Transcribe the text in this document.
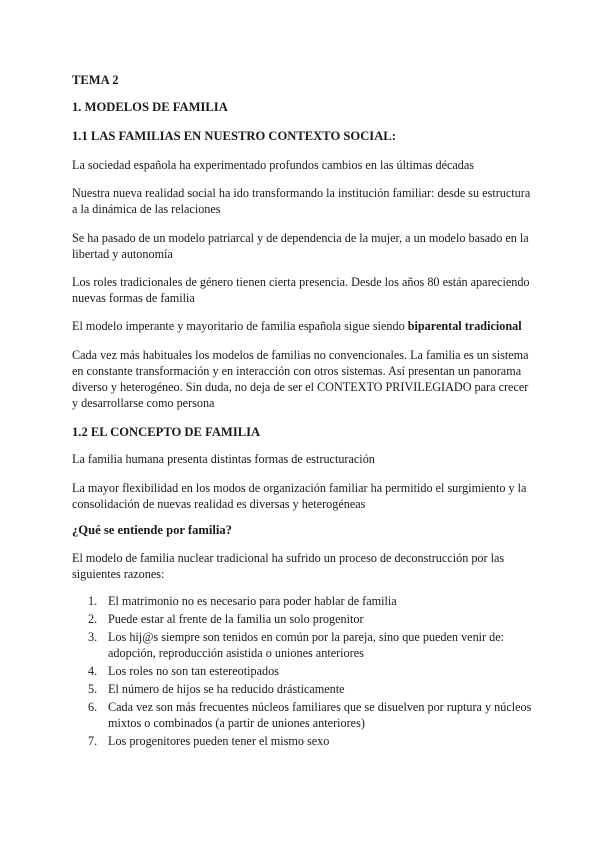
TEMA 2

1. MODELOS DE FAMILIA

1.1 LAS FAMILIAS EN NUESTRO CONTEXTO SOCIAL:

La sociedad española ha experimentado profundos cambios en las últimas décadas

Nuestra nueva realidad social ha ido transformando la institución familiar: desde su estructura a la dinámica de las relaciones

Se ha pasado de un modelo patriarcal y de dependencia de la mujer, a un modelo basado en la libertad y autonomía

Los roles tradicionales de género tienen cierta presencia. Desde los años 80 están apareciendo nuevas formas de familia

El modelo imperante y mayoritario de familia española sigue siendo biparental tradicional

Cada vez más habituales los modelos de familias no convencionales. La familia es un sistema en constante transformación y en interacción con otros sistemas. Así presentan un panorama diverso y heterogéneo. Sin duda, no deja de ser el CONTEXTO PRIVILEGIADO para crecer y desarrollarse como persona

1.2 EL CONCEPTO DE FAMILIA

La familia humana presenta distintas formas de estructuración

La mayor flexibilidad en los modos de organización familiar ha permitido el surgimiento y la consolidación de nuevas realidad es diversas y heterogéneas

¿Qué se entiende por familia?

El modelo de familia nuclear tradicional ha sufrido un proceso de deconstrucción por las siguientes razones:

1. El matrimonio no es necesario para poder hablar de familia
2. Puede estar al frente de la familia un solo progenitor
3. Los hij@s siempre son tenidos en común por la pareja, sino que pueden venir de: adopción, reproducción asistida o uniones anteriores
4. Los roles no son tan estereotipados
5. El número de hijos se ha reducido drásticamente
6. Cada vez son más frecuentes núcleos familiares que se disuelven por ruptura y núcleos mixtos o combinados (a partir de uniones anteriores)
7. Los progenitores pueden tener el mismo sexo
